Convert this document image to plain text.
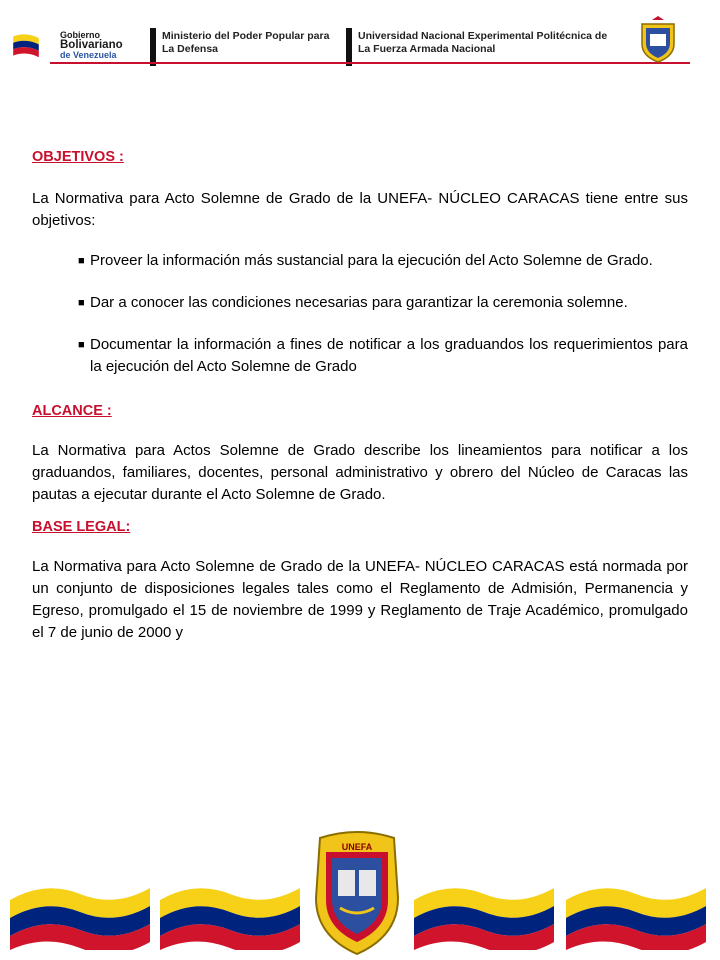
Gobierno
Bolivariano
de Venezuela
Ministerio del Poder Popular para
La Defensa
Universidad Nacional Experimental Politécnica de
La Fuerza Armada Nacional

OBJETIVOS :

La Normativa para Acto Solemne de Grado de la UNEFA- NÚCLEO CARACAS tiene entre sus objetivos:

■ Proveer la información más sustancial para la ejecución del Acto Solemne de Grado.
■ Dar a conocer las condiciones necesarias para garantizar la ceremonia solemne.
■ Documentar la información a fines de notificar a los graduandos los requerimientos para la ejecución del Acto Solemne de Grado

ALCANCE :

La Normativa para Actos Solemne de Grado describe los lineamientos para notificar a los graduandos, familiares, docentes, personal administrativo y obrero del Núcleo de Caracas las pautas a ejecutar durante el Acto Solemne de Grado.

BASE LEGAL:

La Normativa para Acto Solemne de Grado de la UNEFA- NÚCLEO CARACAS está normada por un conjunto de disposiciones legales tales como el Reglamento de Admisión, Permanencia y Egreso, promulgado el 15 de noviembre de 1999 y Reglamento de Traje Académico, promulgado el 7 de junio de 2000 y

UNEFA
